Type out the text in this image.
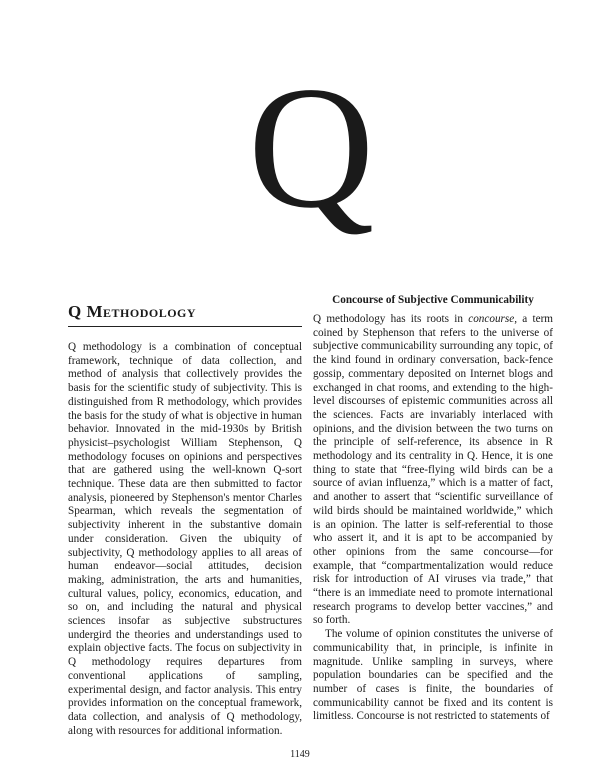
Q
Q Methodology

Q methodology is a combination of conceptual framework, technique of data collection, and method of analysis that collectively provides the basis for the scientific study of subjectivity. This is distinguished from R methodology, which provides the basis for the study of what is objective in human behavior. Innovated in the mid-1930s by British physicist–psychologist William Stephenson, Q methodology focuses on opinions and perspectives that are gathered using the well-known Q-sort technique. These data are then submitted to factor analysis, pioneered by Stephenson's mentor Charles Spearman, which reveals the segmentation of subjectivity inherent in the substantive domain under consideration. Given the ubiquity of subjectivity, Q methodology applies to all areas of human endeavor—social attitudes, decision making, administration, the arts and humanities, cultural values, policy, economics, education, and so on, and including the natural and physical sciences insofar as subjective substructures undergird the theories and understandings used to explain objective facts. The focus on subjectivity in Q methodology requires departures from conventional applications of sampling, experimental design, and factor analysis. This entry provides information on the conceptual framework, data collection, and analysis of Q methodology, along with resources for additional information.

Concourse of Subjective Communicability

Q methodology has its roots in concourse, a term coined by Stephenson that refers to the universe of subjective communicability surrounding any topic, of the kind found in ordinary conversation, back-fence gossip, commentary deposited on Internet blogs and exchanged in chat rooms, and extending to the high-level discourses of epistemic communities across all the sciences. Facts are invariably interlaced with opinions, and the division between the two turns on the principle of self-reference, its absence in R methodology and its centrality in Q. Hence, it is one thing to state that “free-flying wild birds can be a source of avian influenza,” which is a matter of fact, and another to assert that “scientific surveillance of wild birds should be maintained worldwide,” which is an opinion. The latter is self-referential to those who assert it, and it is apt to be accompanied by other opinions from the same concourse—for example, that “compartmentalization would reduce risk for introduction of AI viruses via trade,” that “there is an immediate need to promote international research programs to develop better vaccines,” and so forth.

The volume of opinion constitutes the universe of communicability that, in principle, is infinite in magnitude. Unlike sampling in surveys, where population boundaries can be specified and the number of cases is finite, the boundaries of communicability cannot be fixed and its content is limitless. Concourse is not restricted to statements of

1149
